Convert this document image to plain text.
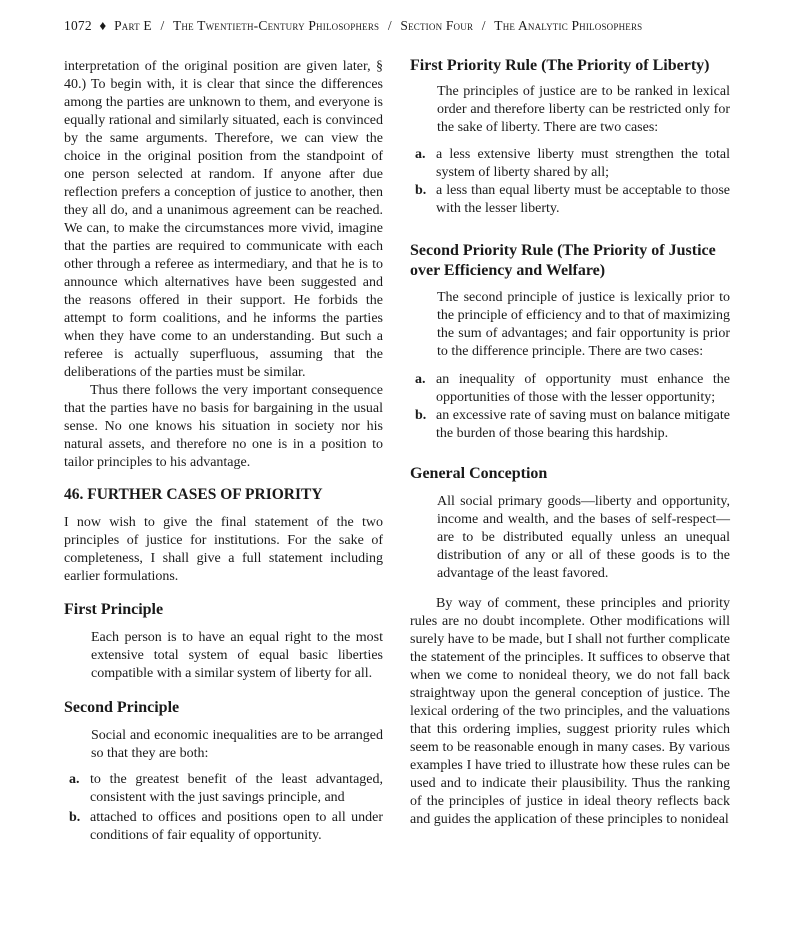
1072 ♦ Part E / The Twentieth-Century Philosophers / Section Four / The Analytic Philosophers

interpretation of the original position are given later, § 40.) To begin with, it is clear that since the differences among the parties are unknown to them, and everyone is equally rational and similarly situated, each is convinced by the same arguments. Therefore, we can view the choice in the original position from the standpoint of one person selected at random. If anyone after due reflection prefers a conception of justice to another, then they all do, and a unanimous agreement can be reached. We can, to make the circumstances more vivid, imagine that the parties are required to communicate with each other through a referee as intermediary, and that he is to announce which alternatives have been suggested and the reasons offered in their support. He forbids the attempt to form coalitions, and he informs the parties when they have come to an understanding. But such a referee is actually superfluous, assuming that the deliberations of the parties must be similar.

Thus there follows the very important consequence that the parties have no basis for bargaining in the usual sense. No one knows his situation in society nor his natural assets, and therefore no one is in a position to tailor principles to his advantage.

46. FURTHER CASES OF PRIORITY

I now wish to give the final statement of the two principles of justice for institutions. For the sake of completeness, I shall give a full statement including earlier formulations.

First Principle

Each person is to have an equal right to the most extensive total system of equal basic liberties compatible with a similar system of liberty for all.

Second Principle

Social and economic inequalities are to be arranged so that they are both:

a. to the greatest benefit of the least advantaged, consistent with the just savings principle, and
b. attached to offices and positions open to all under conditions of fair equality of opportunity.
First Priority Rule (The Priority of Liberty)

The principles of justice are to be ranked in lexical order and therefore liberty can be restricted only for the sake of liberty. There are two cases:

a. a less extensive liberty must strengthen the total system of liberty shared by all;
b. a less than equal liberty must be acceptable to those with the lesser liberty.
Second Priority Rule (The Priority of Justice over Efficiency and Welfare)

The second principle of justice is lexically prior to the principle of efficiency and to that of maximizing the sum of advantages; and fair opportunity is prior to the difference principle. There are two cases:

a. an inequality of opportunity must enhance the opportunities of those with the lesser opportunity;
b. an excessive rate of saving must on balance mitigate the burden of those bearing this hardship.
General Conception

All social primary goods—liberty and opportunity, income and wealth, and the bases of self-respect—are to be distributed equally unless an unequal distribution of any or all of these goods is to the advantage of the least favored.

By way of comment, these principles and priority rules are no doubt incomplete. Other modifications will surely have to be made, but I shall not further complicate the statement of the principles. It suffices to observe that when we come to nonideal theory, we do not fall back straightway upon the general conception of justice. The lexical ordering of the two principles, and the valuations that this ordering implies, suggest priority rules which seem to be reasonable enough in many cases. By various examples I have tried to illustrate how these rules can be used and to indicate their plausibility. Thus the ranking of the principles of justice in ideal theory reflects back and guides the application of these principles to nonideal
